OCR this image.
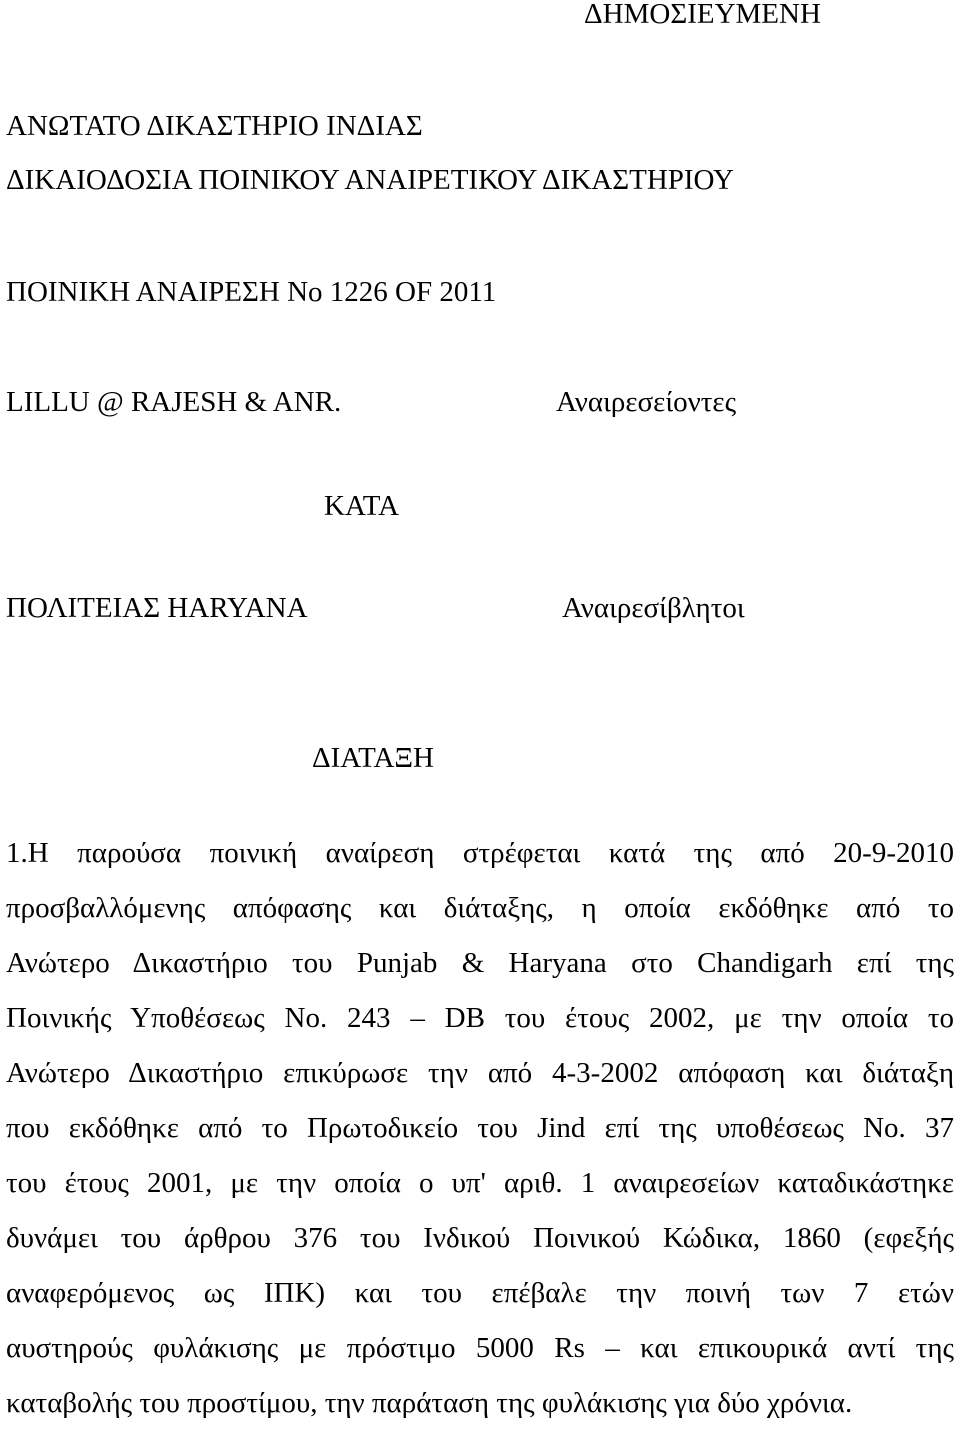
ΔΗΜΟΣΙΕΥΜΕΝΗ
ΑΝΩΤΑΤΟ ΔΙΚΑΣΤΗΡΙΟ ΙΝΔΙΑΣ
ΔΙΚΑΙΟΔΟΣΙΑ ΠΟΙΝΙΚΟΥ ΑΝΑΙΡΕΤΙΚΟΥ ΔΙΚΑΣΤΗΡΙΟΥ
ΠΟΙΝΙΚΗ ΑΝΑΙΡΕΣΗ Νο 1226 OF 2011
LILLU @ RAJESH & ANR.	Αναιρεσείοντες
ΚΑΤΑ
ΠΟΛΙΤΕΙΑΣ HARYANA	Αναιρεσίβλητοι
ΔΙΑΤΑΞΗ
1.Η παρούσα ποινική αναίρεση στρέφεται κατά της από 20-9-2010
προσβαλλόμενης απόφασης και διάταξης, η οποία εκδόθηκε από το
Ανώτερο Δικαστήριο του Punjab & Haryana στο Chandigarh επί της
Ποινικής Υποθέσεως No. 243 – DB του έτους 2002, με την οποία το
Ανώτερο Δικαστήριο επικύρωσε την από 4-3-2002 απόφαση και διάταξη
που εκδόθηκε από το Πρωτοδικείο του Jind επί της υποθέσεως No. 37
του έτους 2001, με την οποία ο υπ' αριθ. 1 αναιρεσείων καταδικάστηκε
δυνάμει του άρθρου 376 του Ινδικού Ποινικού Κώδικα, 1860 (εφεξής
αναφερόμενος ως ΙΠΚ) και του επέβαλε την ποινή των 7 ετών
αυστηρούς φυλάκισης με πρόστιμο 5000 Rs – και επικουρικά αντί της
καταβολής του προστίμου, την παράταση της φυλάκισης για δύο χρόνια.
